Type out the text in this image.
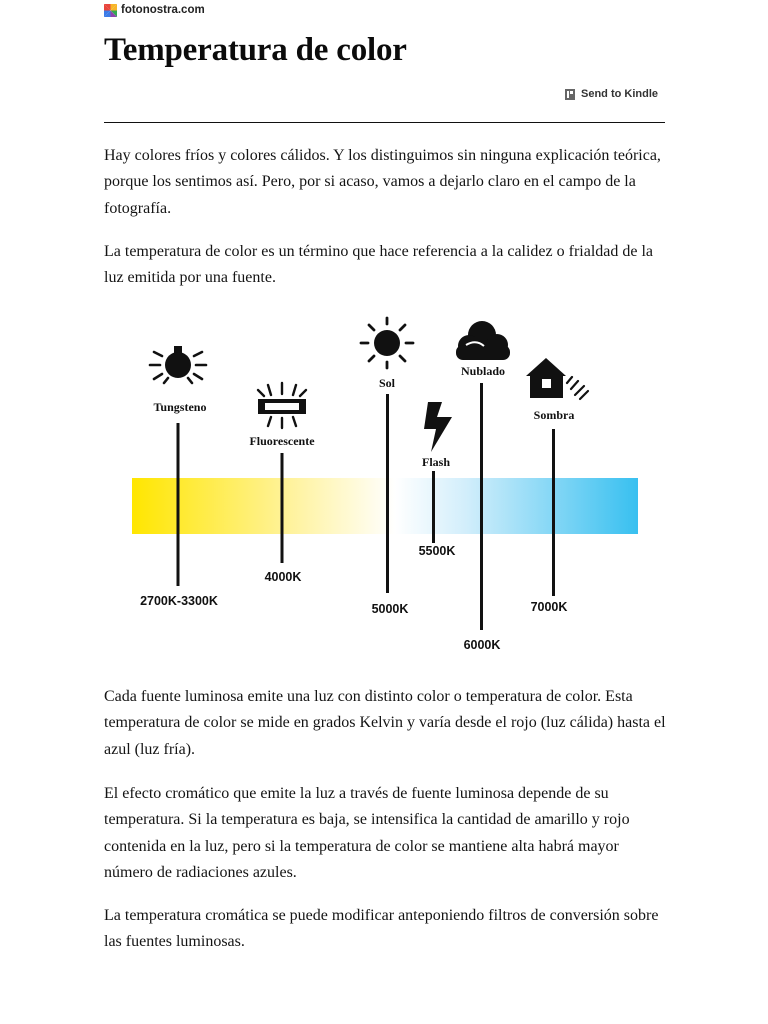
fotonostra.com
Temperatura de color
Send to Kindle

Hay colores fríos y colores cálidos. Y los distinguimos sin ninguna explicación teórica, porque los sentimos así. Pero, por si acaso, vamos a dejarlo claro en el campo de la fotografía.

La temperatura de color es un término que hace referencia a la calidez o frialdad de la luz emitida por una fuente.

Tungsteno
2700K-3300K
Fluorescente
4000K
Sol
5000K
Flash
5500K
Nublado
6000K
Sombra
7000K

Cada fuente luminosa emite una luz con distinto color o temperatura de color. Esta temperatura de color se mide en grados Kelvin y varía desde el rojo (luz cálida) hasta el azul (luz fría).

El efecto cromático que emite la luz a través de fuente luminosa depende de su temperatura. Si la temperatura es baja, se intensifica la cantidad de amarillo y rojo contenida en la luz, pero si la temperatura de color se mantiene alta habrá mayor número de radiaciones azules.

La temperatura cromática se puede modificar anteponiendo filtros de conversión sobre las fuentes luminosas.
